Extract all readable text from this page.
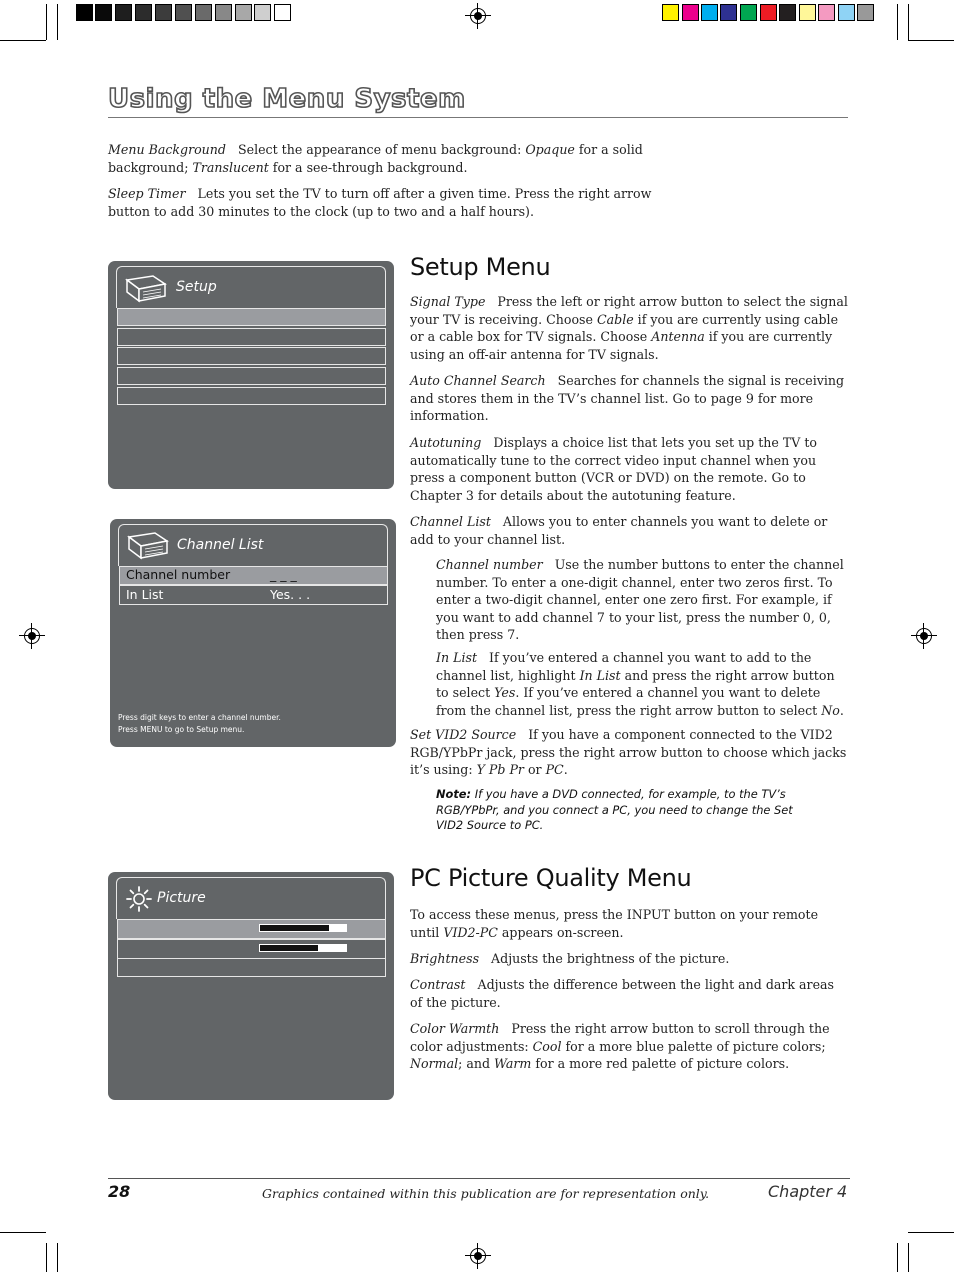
Using the Menu System
Menu Background Select the appearance of menu background: Opaque for a solid background; Translucent for a see-through background.
Sleep Timer Lets you set the TV to turn off after a given time. Press the right arrow button to add 30 minutes to the clock (up to two and a half hours).
Setup
Channel List
Channel number	_ _ _
In List	Yes. . .
Press digit keys to enter a channel number.
Press MENU to go to Setup menu.
Picture
Setup Menu
Signal Type Press the left or right arrow button to select the signal your TV is receiving. Choose Cable if you are currently using cable or a cable box for TV signals. Choose Antenna if you are currently using an off-air antenna for TV signals.
Auto Channel Search Searches for channels the signal is receiving and stores them in the TV’s channel list. Go to page 9 for more information.
Autotuning Displays a choice list that lets you set up the TV to automatically tune to the correct video input channel when you press a component button (VCR or DVD) on the remote. Go to Chapter 3 for details about the autotuning feature.
Channel List Allows you to enter channels you want to delete or add to your channel list.
Channel number Use the number buttons to enter the channel number. To enter a one-digit channel, enter two zeros first. To enter a two-digit channel, enter one zero first. For example, if you want to add channel 7 to your list, press the number 0, 0, then press 7.
In List If you’ve entered a channel you want to add to the channel list, highlight In List and press the right arrow button to select Yes. If you’ve entered a channel you want to delete from the channel list, press the right arrow button to select No.
Set VID2 Source If you have a component connected to the VID2 RGB/YPbPr jack, press the right arrow button to choose which jacks it’s using: Y Pb Pr or PC.
Note: If you have a DVD connected, for example, to the TV’s RGB/YPbPr, and you connect a PC, you need to change the Set VID2 Source to PC.
PC Picture Quality Menu
To access these menus, press the INPUT button on your remote until VID2-PC appears on-screen.
Brightness Adjusts the brightness of the picture.
Contrast Adjusts the difference between the light and dark areas of the picture.
Color Warmth Press the right arrow button to scroll through the color adjustments: Cool for a more blue palette of picture colors; Normal; and Warm for a more red palette of picture colors.
28	Graphics contained within this publication are for representation only.	Chapter 4
